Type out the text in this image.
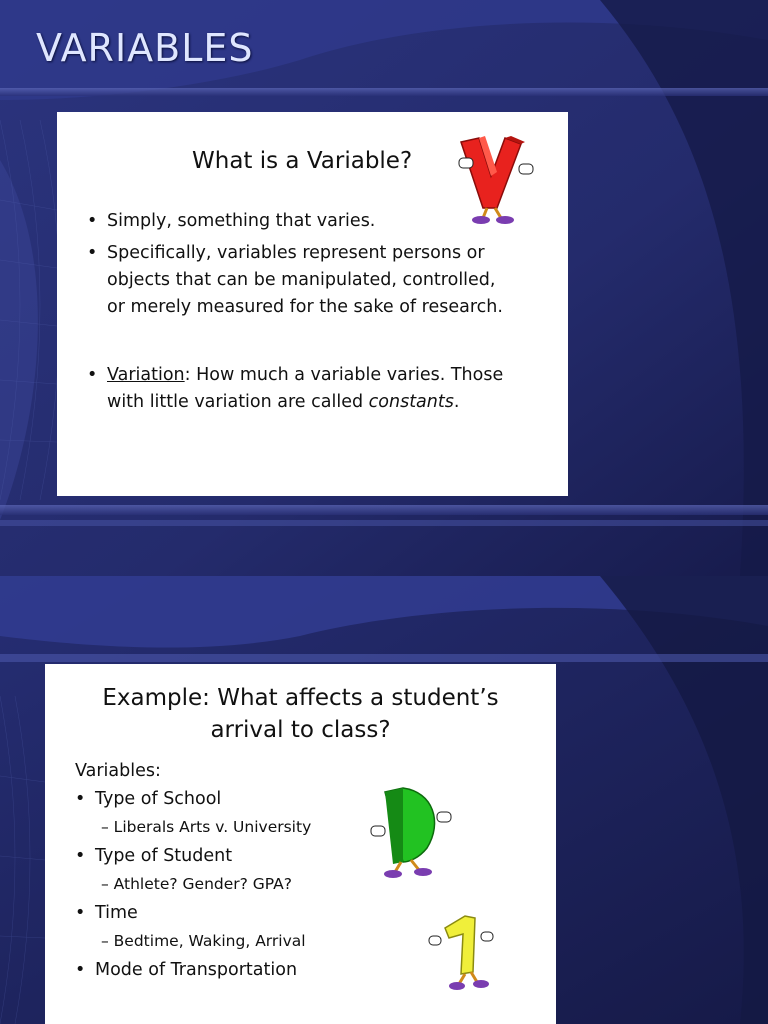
VARIABLES
What is a Variable?
• Simply, something that varies.
• Specifically, variables represent persons or
objects that can be manipulated, controlled,
or merely measured for the sake of research.
• Variation: How much a variable varies. Those
with little variation are called constants.
Example: What affects a student’s
arrival to class?
Variables:
• Type of School
– Liberals Arts v. University
• Type of Student
– Athlete? Gender? GPA?
• Time
– Bedtime, Waking, Arrival
• Mode of Transportation
